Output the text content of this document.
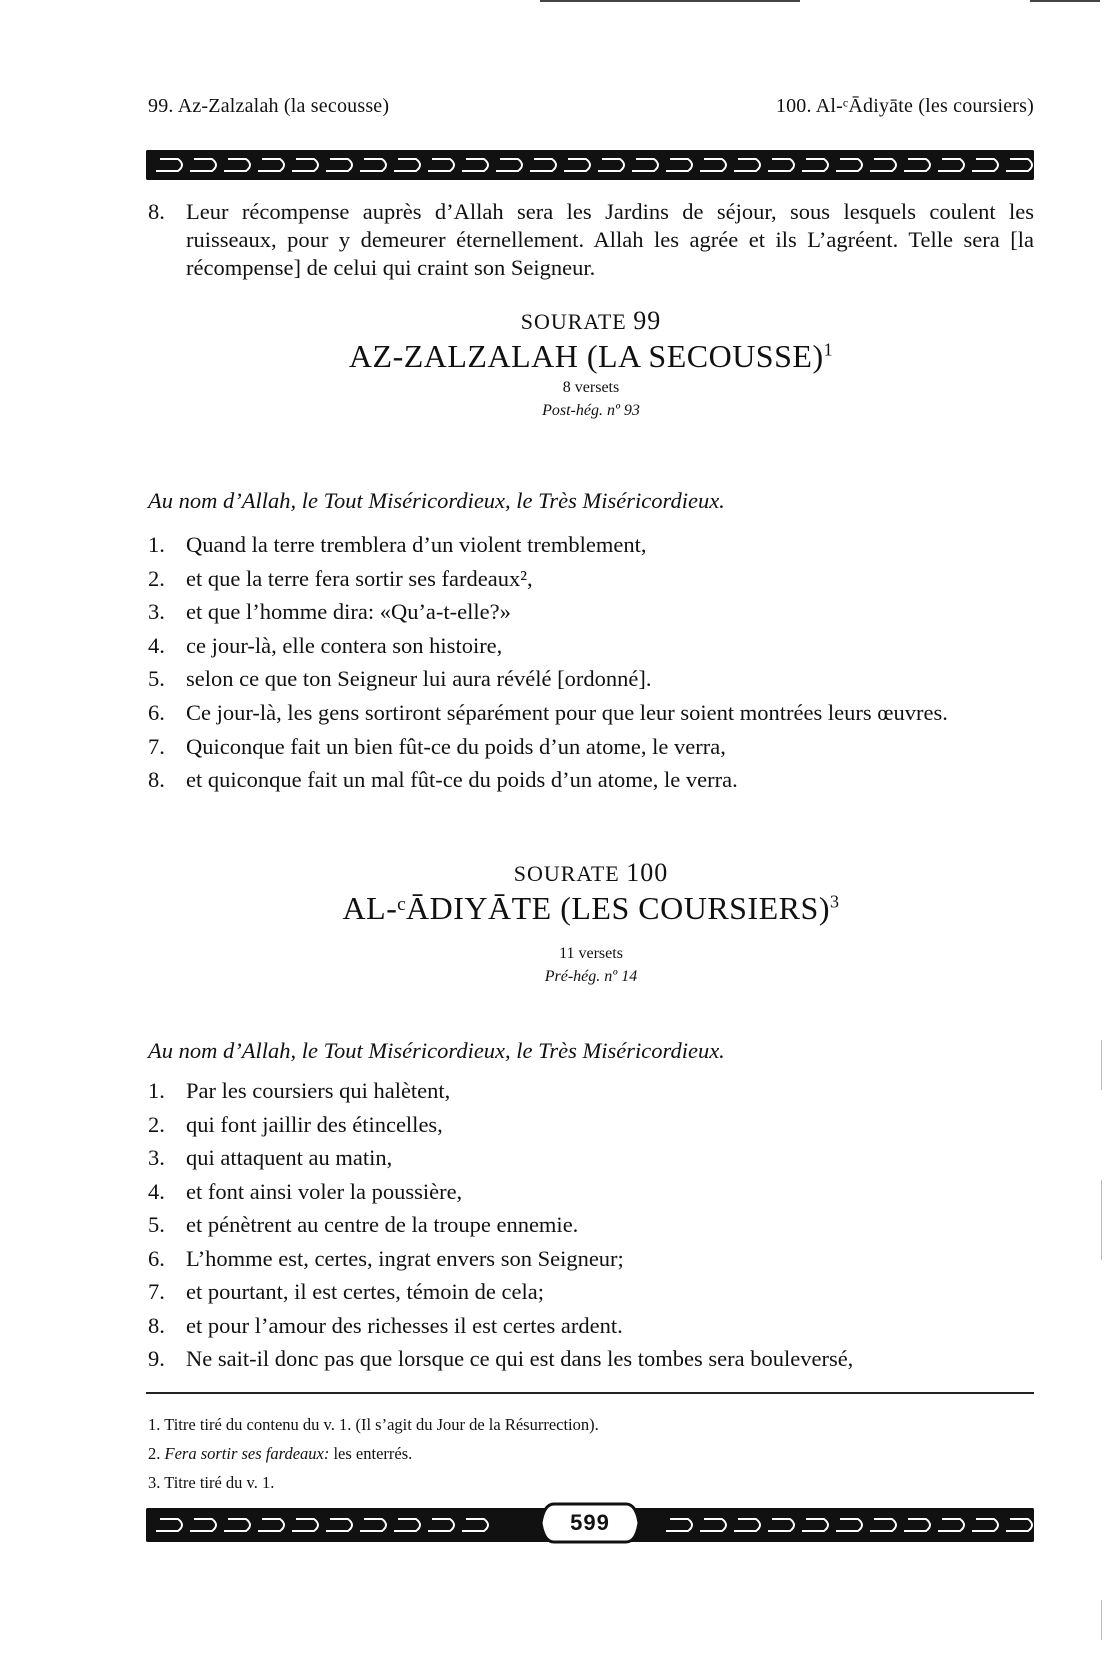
99. Az-Zalzalah (la secousse)	100. Al-ᶜĀdiyāte (les coursiers)
8. Leur récompense auprès d’Allah sera les Jardins de séjour, sous lesquels coulent les ruisseaux, pour y demeurer éternellement. Allah les agrée et ils L’agréent. Telle sera [la récompense] de celui qui craint son Seigneur.
SOURATE 99
AZ-ZALZALAH (LA SECOUSSE)$^1$
8 versets
Post-hég. nº 93
Au nom d’Allah, le Tout Miséricordieux, le Très Miséricordieux.
1. Quand la terre tremblera d’un violent tremblement,
2. et que la terre fera sortir ses fardeaux²,
3. et que l’homme dira: «Qu’a-t-elle?»
4. ce jour-là, elle contera son histoire,
5. selon ce que ton Seigneur lui aura révélé [ordonné].
6. Ce jour-là, les gens sortiront séparément pour que leur soient montrées leurs œuvres.
7. Quiconque fait un bien fût-ce du poids d’un atome, le verra,
8. et quiconque fait un mal fût-ce du poids d’un atome, le verra.
SOURATE 100
AL-ᶜĀDIYĀTE (LES COURSIERS)$^3$
11 versets
Pré-hég. nº 14
Au nom d’Allah, le Tout Miséricordieux, le Très Miséricordieux.
1. Par les coursiers qui halètent,
2. qui font jaillir des étincelles,
3. qui attaquent au matin,
4. et font ainsi voler la poussière,
5. et pénètrent au centre de la troupe ennemie.
6. L’homme est, certes, ingrat envers son Seigneur;
7. et pourtant, il est certes, témoin de cela;
8. et pour l’amour des richesses il est certes ardent.
9. Ne sait-il donc pas que lorsque ce qui est dans les tombes sera bouleversé,
1. Titre tiré du contenu du v. 1. (Il s’agit du Jour de la Résurrection).
2. Fera sortir ses fardeaux: les enterrés.
3. Titre tiré du v. 1.
599
